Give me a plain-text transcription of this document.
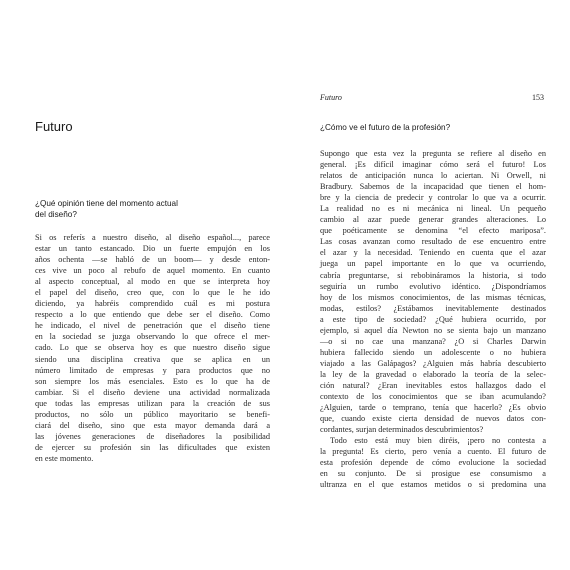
Futuro
¿Qué opinión tiene del momento actual
del diseño?
Si os referís a nuestro diseño, al diseño español..., parece
estar un tanto estancado. Dio un fuerte empujón en los
años ochenta —se habló de un boom— y desde enton-
ces vive un poco al rebufo de aquel momento. En cuanto
al aspecto conceptual, al modo en que se interpreta hoy
el papel del diseño, creo que, con lo que le he ido
diciendo, ya habréis comprendido cuál es mi postura
respecto a lo que entiendo que debe ser el diseño. Como
he indicado, el nivel de penetración que el diseño tiene
en la sociedad se juzga observando lo que ofrece el mer-
cado. Lo que se observa hoy es que nuestro diseño sigue
siendo una disciplina creativa que se aplica en un
número limitado de empresas y para productos que no
son siempre los más esenciales. Esto es lo que ha de
cambiar. Si el diseño deviene una actividad normalizada
que todas las empresas utilizan para la creación de sus
productos, no sólo un público mayoritario se benefi-
ciará del diseño, sino que esta mayor demanda dará a
las jóvenes generaciones de diseñadores la posibilidad
de ejercer su profesión sin las dificultades que existen
en este momento.
Futuro	153
¿Cómo ve el futuro de la profesión?
Supongo que esta vez la pregunta se refiere al diseño en
general. ¡Es difícil imaginar cómo será el futuro! Los
relatos de anticipación nunca lo aciertan. Ni Orwell, ni
Bradbury. Sabemos de la incapacidad que tienen el hom-
bre y la ciencia de predecir y controlar lo que va a ocurrir.
La realidad no es ni mecánica ni lineal. Un pequeño
cambio al azar puede generar grandes alteraciones. Lo
que poéticamente se denomina “el efecto mariposa”.
Las cosas avanzan como resultado de ese encuentro entre
el azar y la necesidad. Teniendo en cuenta que el azar
juega un papel importante en lo que va ocurriendo,
cabría preguntarse, si rebobináramos la historia, si todo
seguiría un rumbo evolutivo idéntico. ¿Dispondríamos
hoy de los mismos conocimientos, de las mismas técnicas,
modas, estilos? ¿Estábamos inevitablemente destinados
a este tipo de sociedad? ¿Qué hubiera ocurrido, por
ejemplo, si aquel día Newton no se sienta bajo un manzano
—o si no cae una manzana? ¿O si Charles Darwin
hubiera fallecido siendo un adolescente o no hubiera
viajado a las Galápagos? ¿Alguien más habría descubierto
la ley de la gravedad o elaborado la teoría de la selec-
ción natural? ¿Eran inevitables estos hallazgos dado el
contexto de los conocimientos que se iban acumulando?
¿Alguien, tarde o temprano, tenía que hacerlo? ¿Es obvio
que, cuando existe cierta densidad de nuevos datos con-
cordantes, surjan determinados descubrimientos?
Todo esto está muy bien diréis, ¡pero no contesta a
la pregunta! Es cierto, pero venía a cuento. El futuro de
esta profesión depende de cómo evolucione la sociedad
en su conjunto. De si prosigue ese consumismo a
ultranza en el que estamos metidos o si predomina una
